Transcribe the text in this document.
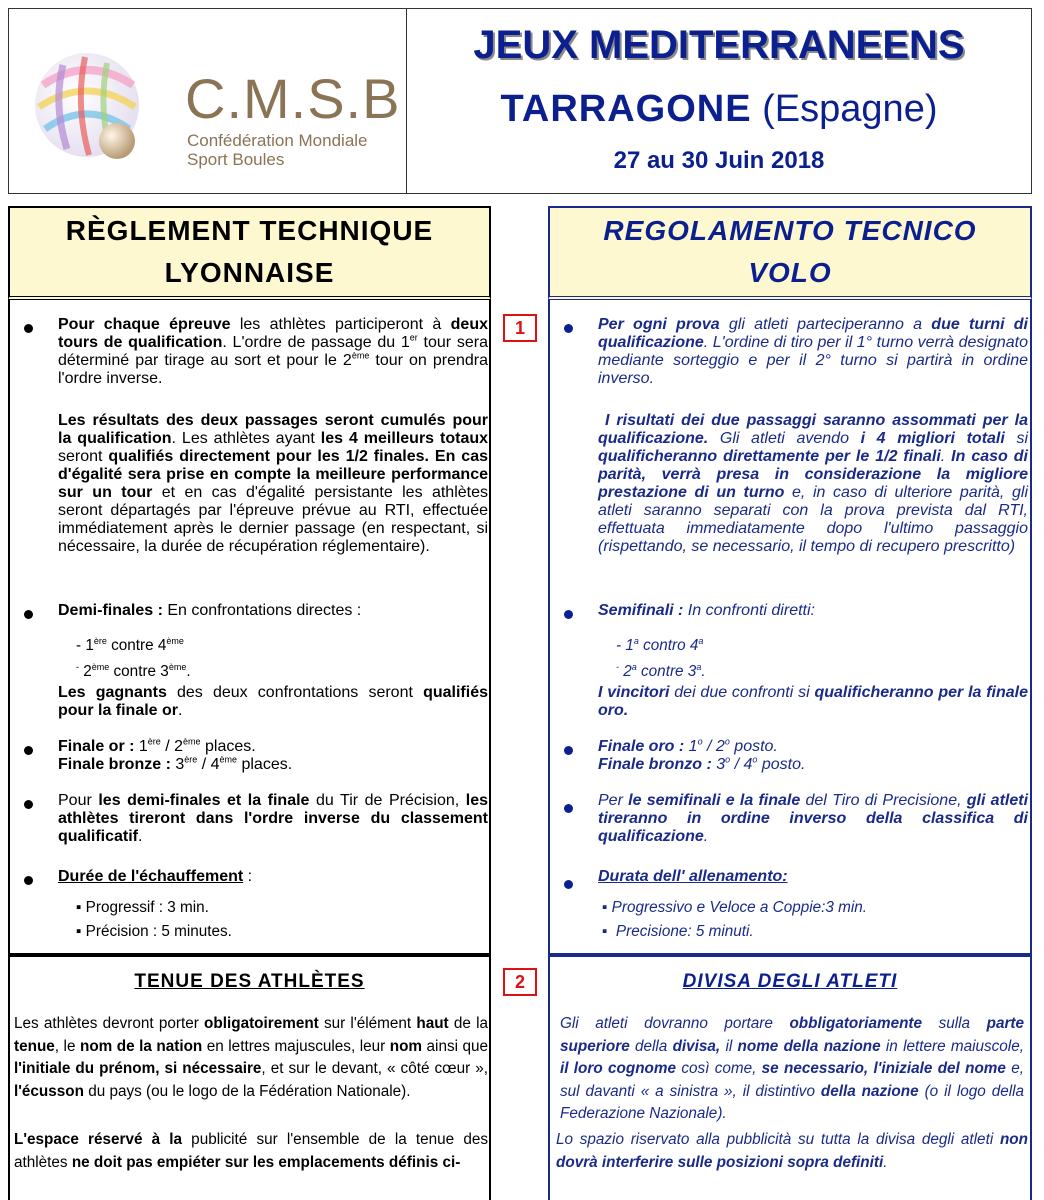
C.M.S.B
Confédération Mondiale
Sport Boules
JEUX MEDITERRANEENS
TARRAGONE (Espagne)
27 au 30 Juin 2018
RÈGLEMENT TECHNIQUE
LYONNAISE
REGOLAMENTO TECNICO
VOLO
1
2
Pour chaque épreuve les athlètes participeront à deux tours de qualification. L'ordre de passage du 1er tour sera déterminé par tirage au sort et pour le 2ème tour on prendra l'ordre inverse.
Les résultats des deux passages seront cumulés pour la qualification. Les athlètes ayant les 4 meilleurs totaux seront qualifiés directement pour les 1/2 finales. En cas d'égalité sera prise en compte la meilleure performance sur un tour et en cas d'égalité persistante les athlètes seront départagés par l'épreuve prévue au RTI, effectuée immédiatement après le dernier passage (en respectant, si nécessaire, la durée de récupération réglementaire).
Demi-finales : En confrontations directes :
- 1ère contre 4ème
- 2ème contre 3ème.
Les gagnants des deux confrontations seront qualifiés pour la finale or.
Finale or : 1ère / 2ème places.
Finale bronze : 3ère / 4ème places.
Pour les demi-finales et la finale du Tir de Précision, les athlètes tireront dans l'ordre inverse du classement qualificatif.
Durée de l'échauffement :
▪ Progressif : 3 min.
▪ Précision : 5 minutes.
Per ogni prova gli atleti parteciperanno a due turni di qualificazione. L'ordine di tiro per il 1° turno verrà designato mediante sorteggio e per il 2° turno si partirà in ordine inverso.
I risultati dei due passaggi saranno assommati per la qualificazione. Gli atleti avendo i 4 migliori totali si qualificheranno direttamente per le 1/2 finali. In caso di parità, verrà presa in considerazione la migliore prestazione di un turno e, in caso di ulteriore parità, gli atleti saranno separati con la prova prevista dal RTI, effettuata immediatamente dopo l'ultimo passaggio (rispettando, se necessario, il tempo di recupero prescritto)
Semifinali : In confronti diretti:
- 1$^a$ contro 4$^a$
- 2$^a$ contre 3$^a$.
I vincitori dei due confronti si qualificheranno per la finale oro.
Finale oro : 1$^o$ / 2$^o$ posto.
Finale bronzo : 3$^o$ / 4$^o$ posto.
Per le semifinali e la finale del Tiro di Precisione, gli atleti tireranno in ordine inverso della classifica di qualificazione.
Durata dell' allenamento:
▪ Progressivo e Veloce a Coppie:3 min.
▪  Precisione: 5 minuti.
TENUE DES ATHLÈTES
Les athlètes devront porter obligatoirement sur l'élément haut de la tenue, le nom de la nation en lettres majuscules, leur nom ainsi que l'initiale du prénom, si nécessaire, et sur le devant, « côté cœur », l'écusson du pays (ou le logo de la Fédération Nationale).
L'espace réservé à la publicité sur l'ensemble de la tenue des athlètes ne doit pas empiéter sur les emplacements définis ci-
DIVISA DEGLI ATLETI
Gli atleti dovranno portare obbligatoriamente sulla parte superiore della divisa, il nome della nazione in lettere maiuscole, il loro cognome così come, se necessario, l'iniziale del nome e, sul davanti « a sinistra », il distintivo della nazione (o il logo della Federazione Nazionale).
Lo spazio riservato alla pubblicità su tutta la divisa degli atleti non dovrà interferire sulle posizioni sopra definiti.
